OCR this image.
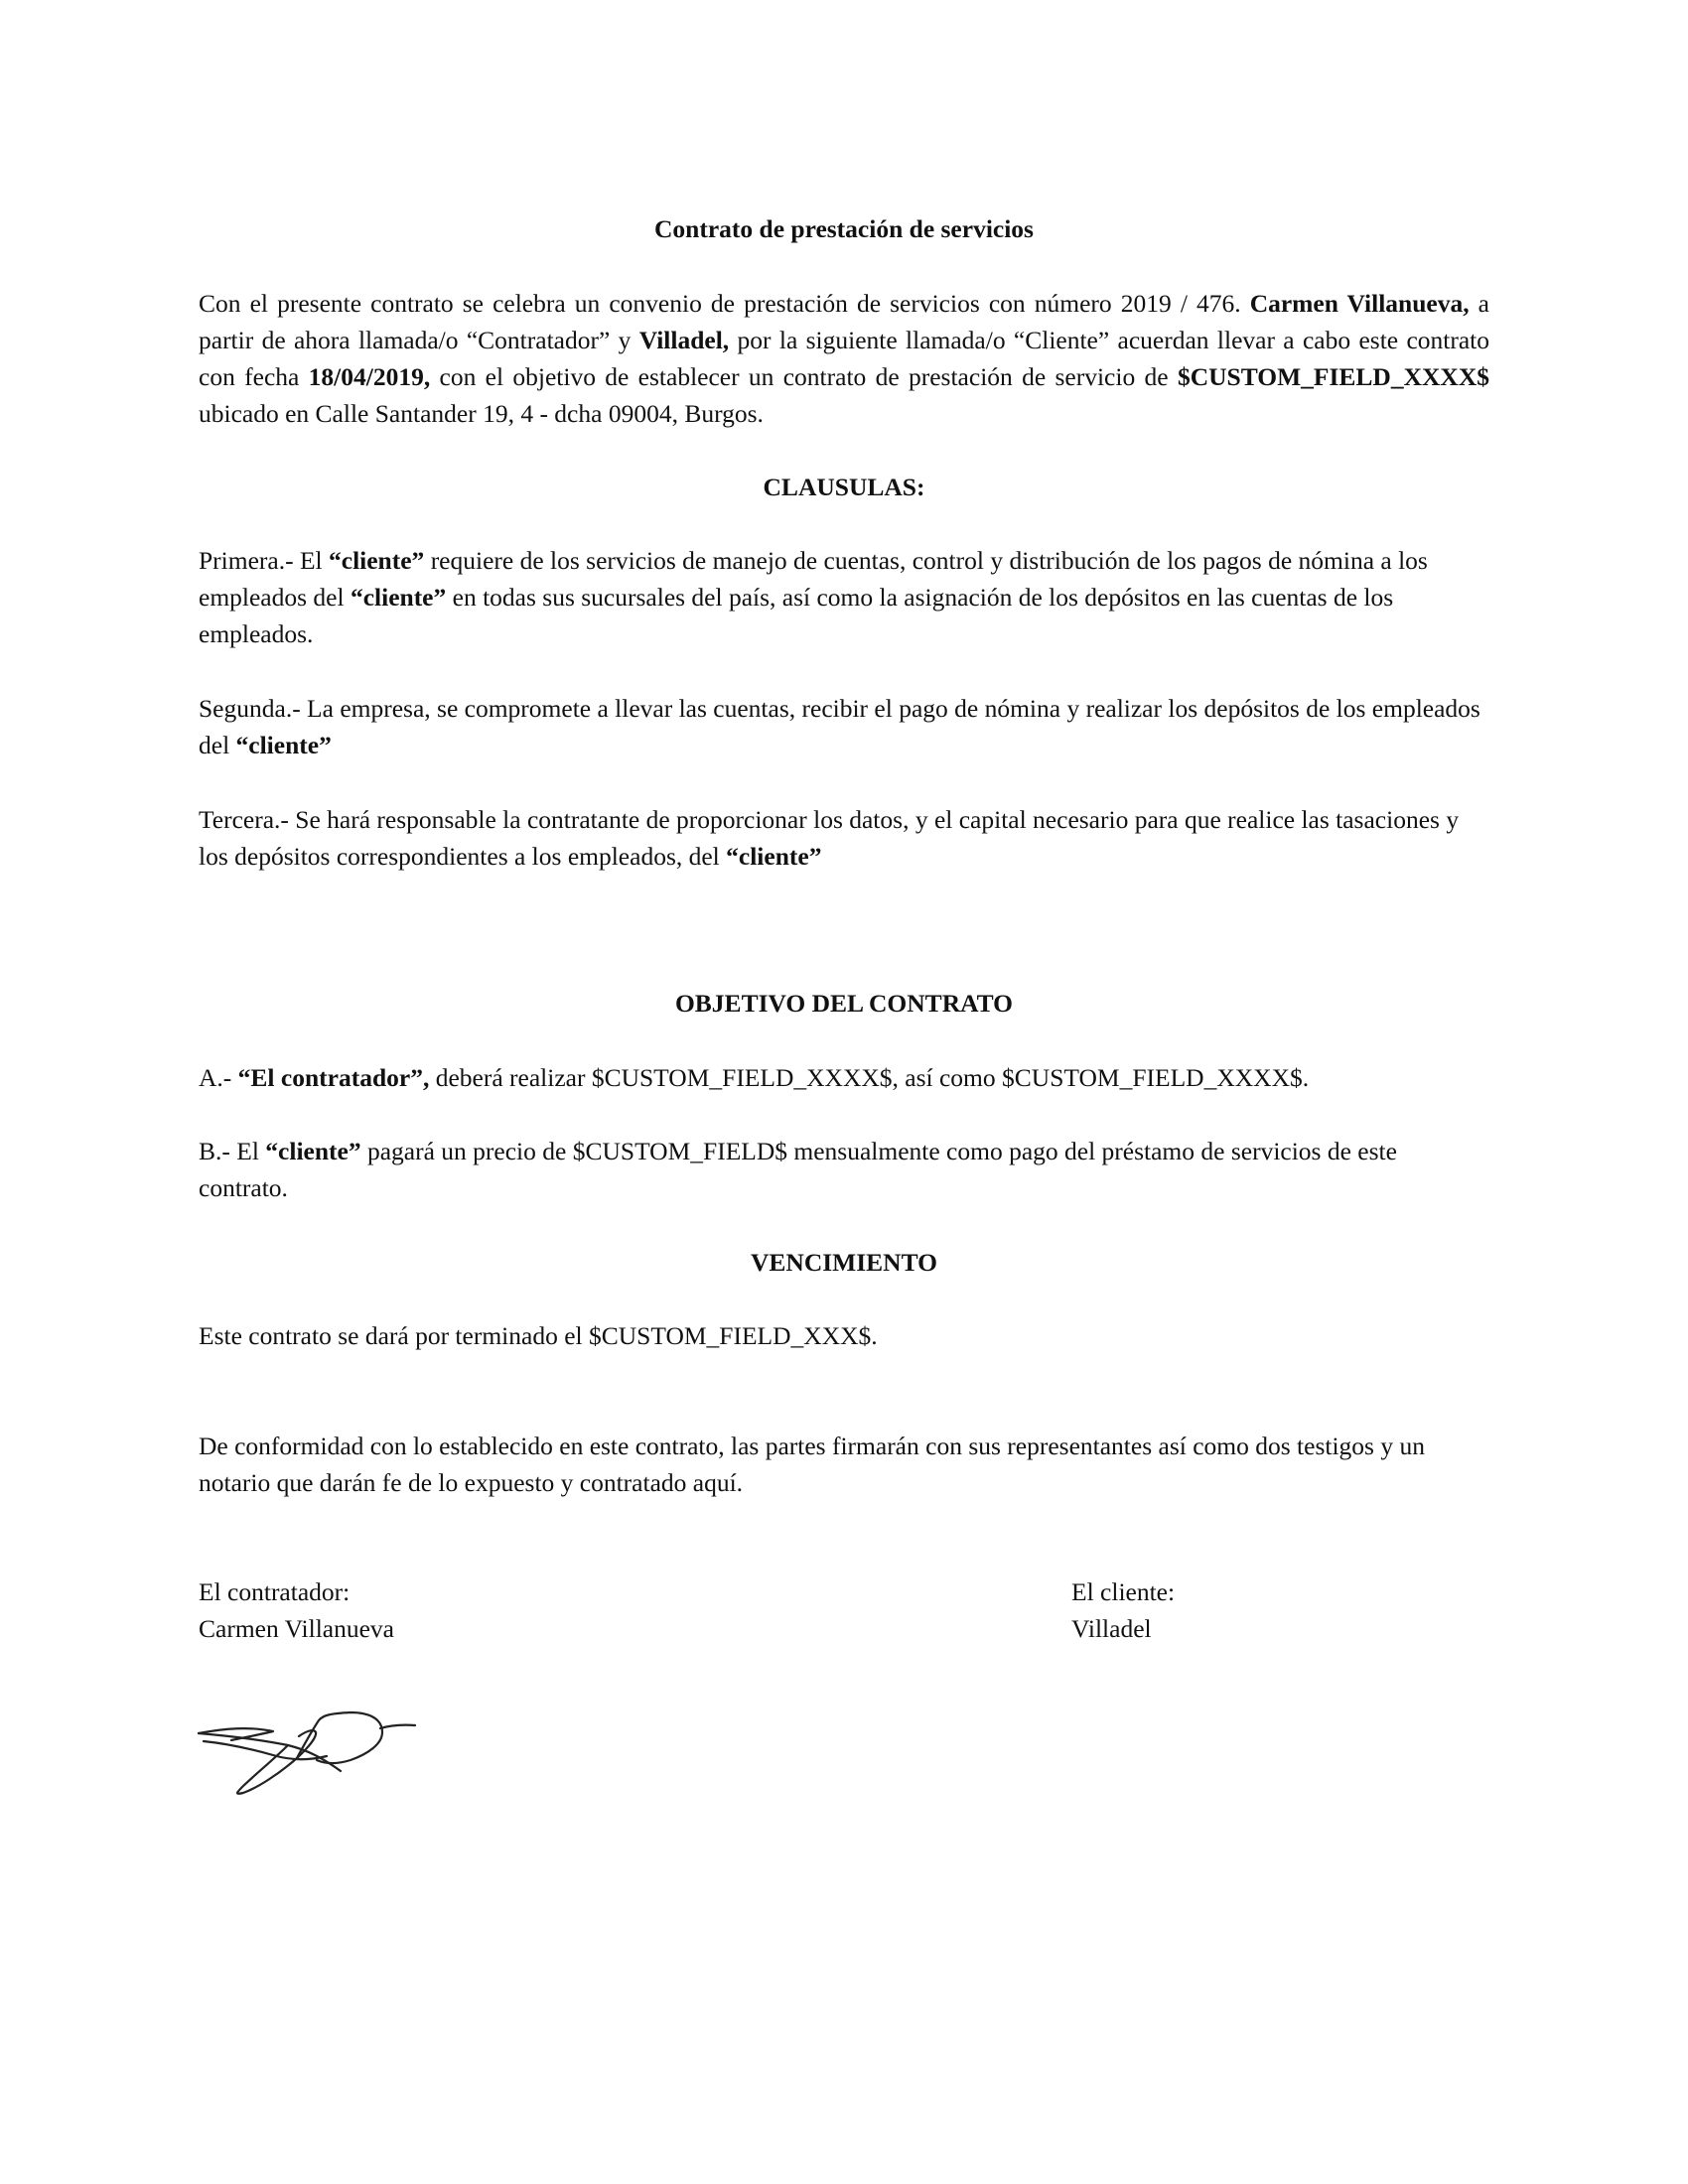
Contrato de prestación de servicios

Con el presente contrato se celebra un convenio de prestación de servicios con número 2019 / 476. Carmen Villanueva, a partir de ahora llamada/o “Contratador” y Villadel, por la siguiente llamada/o “Cliente” acuerdan llevar a cabo este contrato con fecha 18/04/2019, con el objetivo de establecer un contrato de prestación de servicio de $CUSTOM_FIELD_XXXX$ ubicado en Calle Santander 19, 4 - dcha 09004, Burgos.

CLAUSULAS:

Primera.- El “cliente” requiere de los servicios de manejo de cuentas, control y distribución de los pagos de nómina a los empleados del “cliente” en todas sus sucursales del país, así como la asignación de los depósitos en las cuentas de los empleados.

Segunda.- La empresa, se compromete a llevar las cuentas, recibir el pago de nómina y realizar los depósitos de los empleados del “cliente”

Tercera.- Se hará responsable la contratante de proporcionar los datos, y el capital necesario para que realice las tasaciones y los depósitos correspondientes a los empleados, del “cliente”

OBJETIVO DEL CONTRATO

A.- “El contratador”, deberá realizar $CUSTOM_FIELD_XXXX$, así como $CUSTOM_FIELD_XXXX$.

B.- El “cliente” pagará un precio de $CUSTOM_FIELD$ mensualmente como pago del préstamo de servicios de este contrato.

VENCIMIENTO

Este contrato se dará por terminado el $CUSTOM_FIELD_XXX$.

De conformidad con lo establecido en este contrato, las partes firmarán con sus representantes así como dos testigos y un notario que darán fe de lo expuesto y contratado aquí.

El contratador:

Carmen Villanueva

El cliente:

Villadel
